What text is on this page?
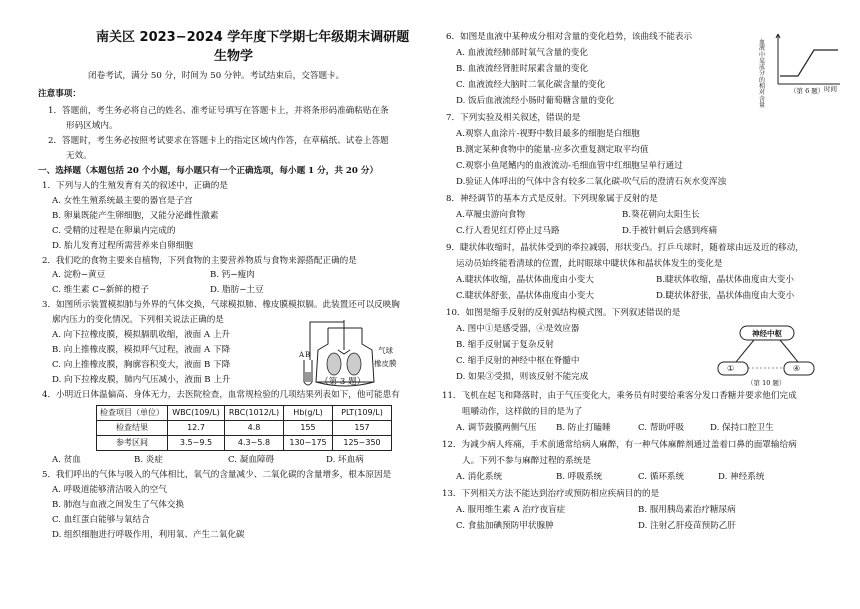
南关区 2023−2024 学年度下学期七年级期末调研题
生物学
闭卷考试，满分 50 分，时间为 50 分钟。考试结束后，交答题卡。
注意事项：
1．答题前，考生务必将自己的姓名、准考证号填写在答题卡上，并将条形码准确粘贴在条
形码区域内。
2．答题时，考生务必按照考试要求在答题卡上的指定区域内作答，在草稿纸、试卷上答题
无效。
一、选择题（本题包括 20 个小题，每小题只有一个正确选项，每小题 1 分，共 20 分）
1．下列与人的生殖发育有关的叙述中，正确的是
A. 女性生殖系统最主要的器官是子宫
B. 卵巢既能产生卵细胞，又能分泌雌性激素
C. 受精的过程是在卵巢内完成的
D. 胎儿发育过程所需营养来自卵细胞
2．我们吃的食物主要来自植物，下列食物的主要营养物质与食物来源搭配正确的是
A. 淀粉−黄豆	B. 钙−瘦肉
C. 维生素 C−新鲜的橙子	D. 脂肪−土豆
3．如图所示装置模拟肺与外界的气体交换，气球模拟肺、橡皮膜模拟膈。此装置还可以反映胸
廓内压力的变化情况。下列相关说法正确的是
A. 向下拉橡皮膜，模拟膈肌收缩，液面 A 上升
B. 向上推橡皮膜，模拟呼气过程，液面 A 下降
C. 向上推橡皮膜，胸廓容积变大，液面 B 下降
D. 向下拉橡皮膜，肺内气压减小，液面 B 上升
A B	气球
橡皮膜
（第 3 题）
4．小明近日体温偏高、身体无力，去医院检查，血常规检验的几项结果列表如下，他可能患有
检查项目（单位）	WBC(109/L)	RBC(1012/L)	Hb(g/L)	PLT(109/L)
检查结果	12.7	4.8	155	157
参考区间	3.5~9.5	4.3~5.8	130~175	125~350
A. 贫血	B. 炎症	C. 凝血障碍	D. 坏血病
5．我们呼出的气体与吸入的气体相比，氧气的含量减少、二氧化碳的含量增多，根本原因是
A. 呼吸道能够清洁吸入的空气
B. 肺泡与血液之间发生了气体交换
C. 血红蛋白能够与氧结合
D. 组织细胞进行呼吸作用，利用氧、产生二氧化碳
6．如图是血液中某种成分相对含量的变化趋势，该曲线不能表示
A. 血液流经肺部时氧气含量的变化
B. 血液流经肾脏时尿素含量的变化
C. 血液流经大脑时二氧化碳含量的变化
D. 饭后血液流经小肠时葡萄糖含量的变化
血液中某成分的相对含量
时间
（第 6 题）
7．下列实验及相关叙述，错误的是
A.观察人血涂片-视野中数目最多的细胞是白细胞
B.测定某种食物中的能量-应多次重复测定取平均值
C.观察小鱼尾鳍内的血液流动-毛细血管中红细胞呈单行通过
D.验证人体呼出的气体中含有较多二氧化碳-吹气后的澄清石灰水变浑浊
8．神经调节的基本方式是反射。下列现象属于反射的是
A.草履虫游向食物	B.葵花朝向太阳生长
C.行人看见红灯停止过马路	D.手被针刺后会感到疼痛
9．睫状体收缩时，晶状体受到的牵拉减弱，形状变凸。打乒乓球时，随着球由远及近的移动，
运动员始终能看清球的位置，此时眼球中睫状体和晶状体发生的变化是
A.睫状体收缩，晶状体曲度由小变大	B.睫状体收缩，晶状体曲度由大变小
C.睫状体舒张，晶状体曲度由小变大	D.睫状体舒张，晶状体曲度由大变小
10．如图是缩手反射的反射弧结构模式图。下列叙述错误的是
A. 图中①是感受器，④是效应器
B. 缩手反射属于复杂反射
C. 缩手反射的神经中枢在脊髓中
D. 如果③受损，则该反射不能完成
神经中枢
①	④
（第 10 题）
11．飞机在起飞和降落时，由于气压变化大，乘务员有时要给乘客分发口香糖并要求他们完成
咀嚼动作，这样做的目的是为了
A. 调节鼓膜两侧气压 B. 防止打瞌睡	C. 帮助呼吸	D. 保持口腔卫生
12．为减少病人疼痛，手术前通常给病人麻醉，有一种气体麻醉剂通过盖着口鼻的面罩输给病
人。下列不参与麻醉过程的系统是
A. 消化系统	B. 呼吸系统	C. 循环系统	D. 神经系统
13．下列相关方法不能达到治疗或预防相应疾病目的的是
A. 服用维生素 A 治疗夜盲症	B. 服用胰岛素治疗糖尿病
C. 食盐加碘预防甲状腺肿	D. 注射乙肝疫苗预防乙肝
